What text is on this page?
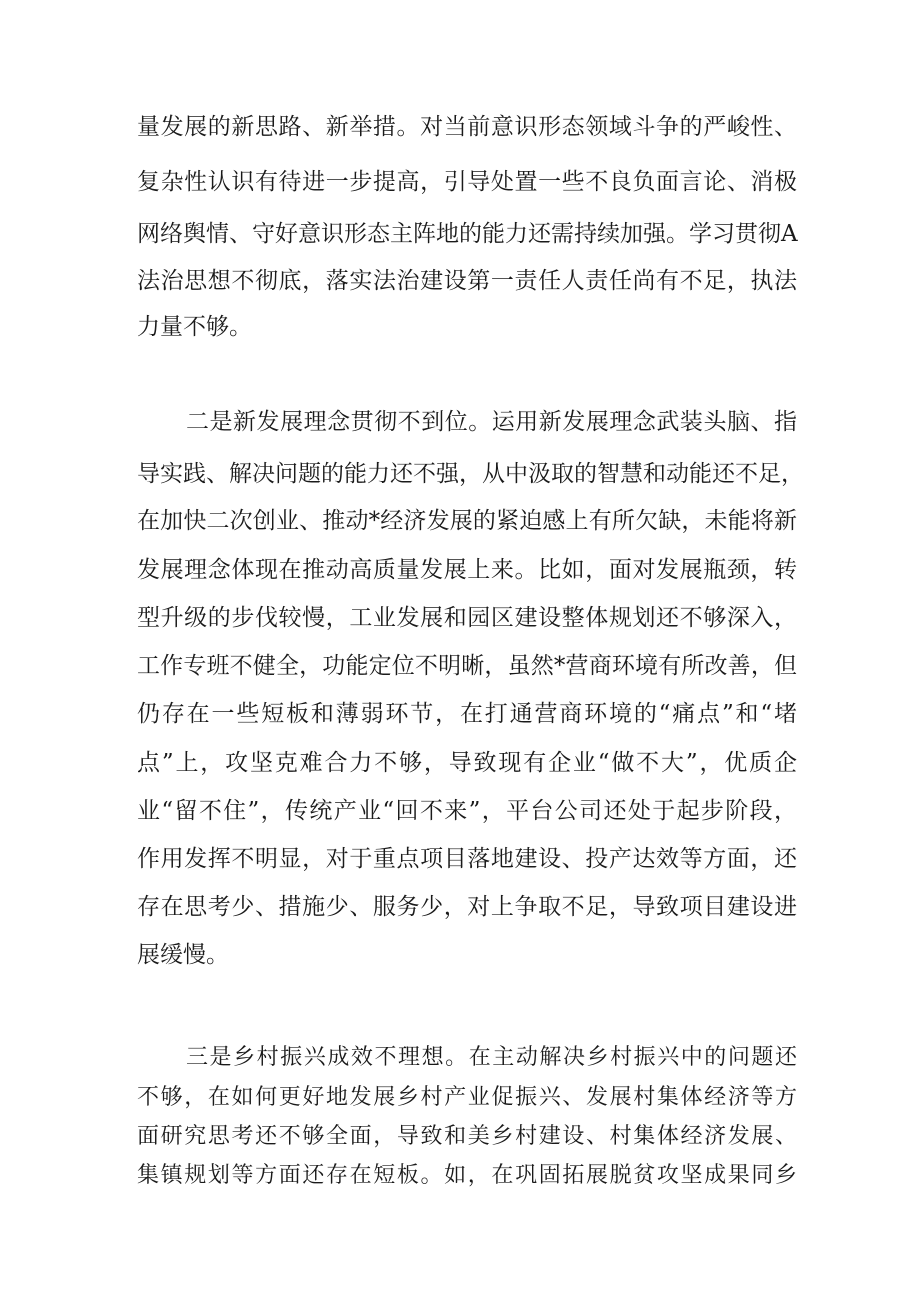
量发展的新思路、新举措。对当前意识形态领域斗争的严峻性、

复杂性认识有待进一步提高，引导处置一些不良负面言论、消极

网络舆情、守好意识形态主阵地的能力还需持续加强。学习贯彻A

法治思想不彻底，落实法治建设第一责任人责任尚有不足，执法

力量不够。

二是新发展理念贯彻不到位。运用新发展理念武装头脑、指

导实践、解决问题的能力还不强，从中汲取的智慧和动能还不足，

在加快二次创业、推动*经济发展的紧迫感上有所欠缺，未能将新

发展理念体现在推动高质量发展上来。比如，面对发展瓶颈，转

型升级的步伐较慢，工业发展和园区建设整体规划还不够深入，

工作专班不健全，功能定位不明晰，虽然*营商环境有所改善，但

仍存在一些短板和薄弱环节，在打通营商环境的“痛点”和“堵

点”上，攻坚克难合力不够，导致现有企业“做不大”，优质企

业“留不住”，传统产业“回不来”，平台公司还处于起步阶段，

作用发挥不明显，对于重点项目落地建设、投产达效等方面，还

存在思考少、措施少、服务少，对上争取不足，导致项目建设进

展缓慢。

三是乡村振兴成效不理想。在主动解决乡村振兴中的问题还

不够，在如何更好地发展乡村产业促振兴、发展村集体经济等方

面研究思考还不够全面，导致和美乡村建设、村集体经济发展、

集镇规划等方面还存在短板。如，在巩固拓展脱贫攻坚成果同乡
